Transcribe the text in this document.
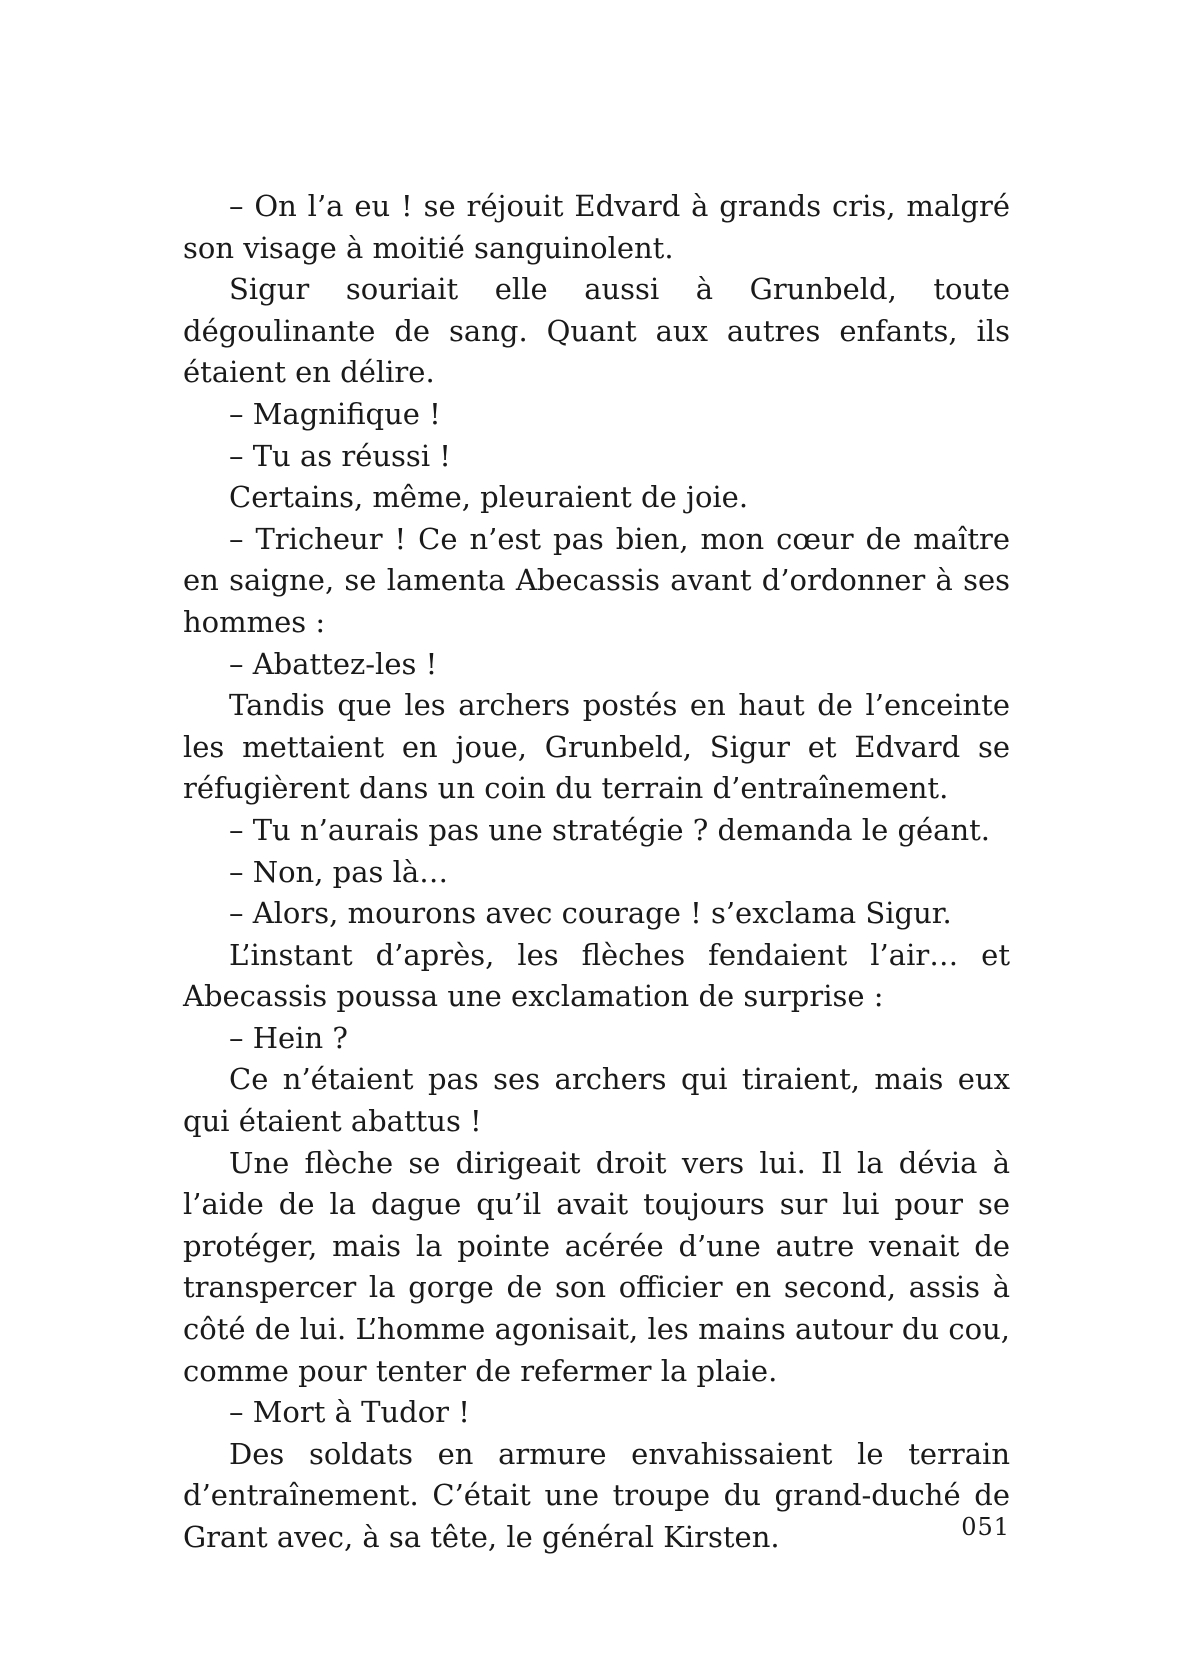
– On l’a eu ! se réjouit Edvard à grands cris, malgré son visage à moitié sanguinolent.

Sigur souriait elle aussi à Grunbeld, toute dégoulinante de sang. Quant aux autres enfants, ils étaient en délire.

– Magnifique !

– Tu as réussi !

Certains, même, pleuraient de joie.

– Tricheur ! Ce n’est pas bien, mon cœur de maître en saigne, se lamenta Abecassis avant d’ordonner à ses hommes :

– Abattez-les !

Tandis que les archers postés en haut de l’enceinte les mettaient en joue, Grunbeld, Sigur et Edvard se réfugièrent dans un coin du terrain d’entraînement.

– Tu n’aurais pas une stratégie ? demanda le géant.

– Non, pas là…

– Alors, mourons avec courage ! s’exclama Sigur.

L’instant d’après, les flèches fendaient l’air… et Abecassis poussa une exclamation de surprise :

– Hein ?

Ce n’étaient pas ses archers qui tiraient, mais eux qui étaient abattus !

Une flèche se dirigeait droit vers lui. Il la dévia à l’aide de la dague qu’il avait toujours sur lui pour se protéger, mais la pointe acérée d’une autre venait de transpercer la gorge de son officier en second, assis à côté de lui. L’homme agonisait, les mains autour du cou, comme pour tenter de refermer la plaie.

– Mort à Tudor !

Des soldats en armure envahissaient le terrain d’entraînement. C’était une troupe du grand-duché de Grant avec, à sa tête, le général Kirsten.	051
